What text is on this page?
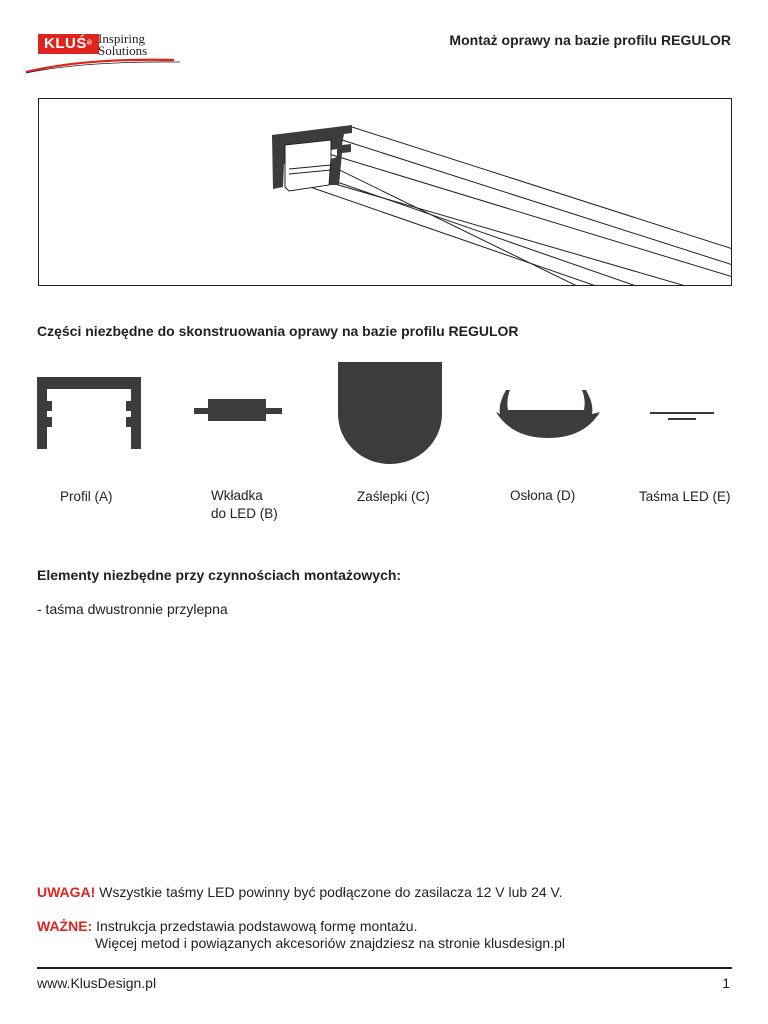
KLUŚ® Inspiring
Solutions
Montaż oprawy na bazie profilu REGULOR
Części niezbędne do skonstruowania oprawy na bazie profilu REGULOR
Profil (A)	Wkładka
do LED (B)
Zaślepki (C)	Osłona (D)	Taśma LED (E)
Elementy niezbędne przy czynnościach montażowych:
- taśma dwustronnie przylepna
UWAGA! Wszystkie taśmy LED powinny być podłączone do zasilacza 12 V lub 24 V.
WAŻNE: Instrukcja przedstawia podstawową formę montażu.
Więcej metod i powiązanych akcesoriów znajdziesz na stronie klusdesign.pl
www.KlusDesign.pl	1
